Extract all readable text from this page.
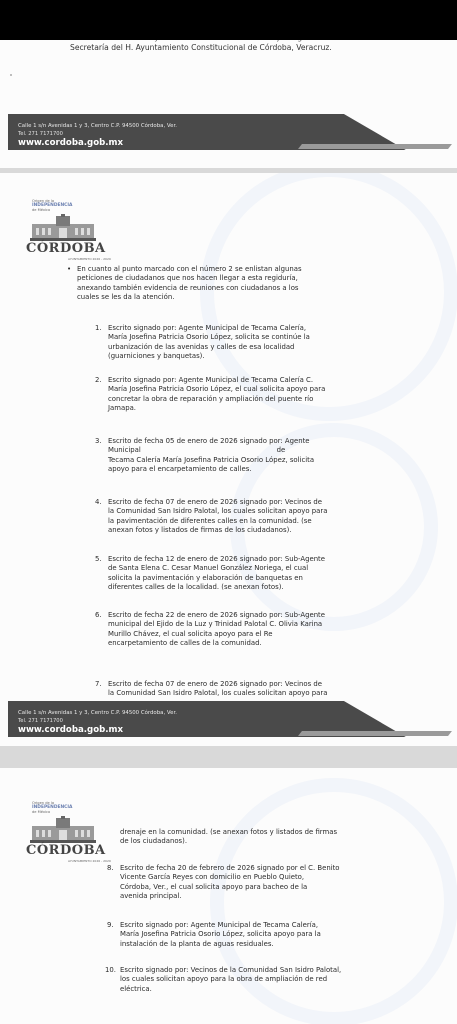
Secretaría del H. Ayuntamiento Constitucional de Córdoba, Veracruz.
Calle 1 s/n Avenidas 1 y 3, Centro C.P. 94500 Córdoba, Ver.
Tel. 271 7171700
www.cordoba.gob.mx
Origen de la
INDEPENDENCIA
de México
CÓRDOBA
AYUNTAMIENTO 2026 - 2029
• En cuanto al punto marcado con el número 2 se enlistan algunas
peticiones de ciudadanos que nos hacen llegar a esta regiduría,
anexando también evidencia de reuniones con ciudadanos a los
cuales se les da la atención.
1. Escrito signado por: Agente Municipal de Tecama Calería,
María Josefina Patricia Osorio López, solicita se continúe la
urbanización de las avenidas y calles de esa localidad
(guarniciones y banquetas).
2. Escrito signado por: Agente Municipal de Tecama Calería C.
María Josefina Patricia Osorio López, el cual solicita apoyo para
concretar la obra de reparación y ampliación del puente río
Jamapa.
3. Escrito de fecha 05 de enero de 2026 signado por: Agente
Municipal                                                              de
Tecama Calería María Josefina Patricia Osorio López, solicita
apoyo para el encarpetamiento de calles.
4. Escrito de fecha 07 de enero de 2026 signado por: Vecinos de
la Comunidad San Isidro Palotal, los cuales solicitan apoyo para
la pavimentación de diferentes calles en la comunidad. (se
anexan fotos y listados de firmas de los ciudadanos).
5. Escrito de fecha 12 de enero de 2026 signado por: Sub-Agente
de Santa Elena C. Cesar Manuel González Noriega, el cual
solicita la pavimentación y elaboración de banquetas en
diferentes calles de la localidad. (se anexan fotos).
6. Escrito de fecha 22 de enero de 2026 signado por: Sub-Agente
municipal del Ejido de la Luz y Trinidad Palotal C. Olivia Karina
Murillo Chávez, el cual solicita apoyo para el Re
encarpetamiento de calles de la comunidad.
7. Escrito de fecha 07 de enero de 2026 signado por: Vecinos de
la Comunidad San Isidro Palotal, los cuales solicitan apoyo para
Calle 1 s/n Avenidas 1 y 3, Centro C.P. 94500 Córdoba, Ver.
Tel. 271 7171700
www.cordoba.gob.mx
Origen de la
INDEPENDENCIA
de México
CÓRDOBA
AYUNTAMIENTO 2026 - 2029
drenaje en la comunidad. (se anexan fotos y listados de firmas
de los ciudadanos).
8. Escrito de fecha 20 de febrero de 2026 signado por el C. Benito
Vicente García Reyes con domicilio en Pueblo Quieto,
Córdoba, Ver., el cual solicita apoyo para bacheo de la
avenida principal.
9. Escrito signado por: Agente Municipal de Tecama Calería,
María Josefina Patricia Osorio López, solicita apoyo para la
instalación de la planta de aguas residuales.
10. Escrito signado por: Vecinos de la Comunidad San Isidro Palotal,
los cuales solicitan apoyo para la obra de ampliación de red
eléctrica.
